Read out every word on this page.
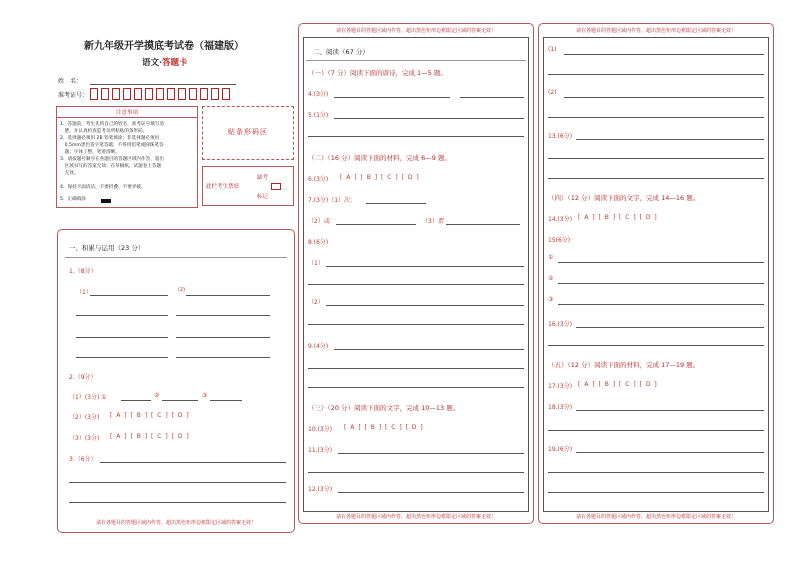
新九年级开学摸底考试卷（福建版）
语文·答题卡
姓　名：
准考证号：
注意事项
1．答题前，考生先将自己的姓名，准考证号填写清
　楚，并认真检查监考员所粘贴的条形码。
2．选择题必须用 2B 铅笔填涂；非选择题必须用
　0.5mm黑色签字笔答题，不得用铅笔或圆珠笔答
　题；字体工整、笔迹清晰。
3．请按题号顺序在各题目的答题区域内作答，超出
　区域书写的答案无效；在草稿纸、试题卷上答题
　无效。
4．保持卡面清洁，不要折叠、不要弄破。
5．正确填涂
贴条形码区
此栏考生禁填
缺考
标记
一、积累与运用（23 分）
1.（8分）
（1）	(2)
2.（9分）
（1）(3分) ①	②	③
（2）(3分) [ A ] [ B ] [ C ] [ D ]
（3）(3分) [ A ] [ B ] [ C ] [ D ]
3.（6分）
请在各题目的答题区域内作答，超出黑色矩形边框限定区域的答案无效！
请在各题目的答题区域内作答，超出黑色矩形边框限定区域的答案无效！
请在各题目的答题区域内作答，超出黑色矩形边框限定区域的答案无效！
二、阅读（67 分）
（一）（7 分）阅读下面的唐诗，完成 1—5 题。
4.(3分)
5.(1分)
（二）（16 分）阅读下面的材料，完成 6—9 题。
6.(3分) [ A ] [ B ] [ C ] [ D ]
7.(3分)（1）次：
（2）或	（3）谓
8.(6分)
（1）
（2）
9.(4分)
（三）（20 分）阅读下面的文字，完成 10—13 题。
10.(3分) [ A ] [ B ] [ C ] [ D ]
11.(3分)
12.(3分)
请在各题目的答题区域内作答，超出黑色矩形边框限定区域的答案无效！
请在各题目的答题区域内作答，超出黑色矩形边框限定区域的答案无效！
(1)
(2)
13.(6分)
（四）（12 分）阅读下面的文字，完成 14—16 题。
14.(3分) [ A ] [ B ] [ C ] [ D ]
15(6分)
①
②
③
16.(3分)
（五）（12 分）阅读下面的材料，完成 17—19 题。
17.(3分) [ A ] [ B ] [ C ] [ D ]
18.(3分)
19.(6分)
